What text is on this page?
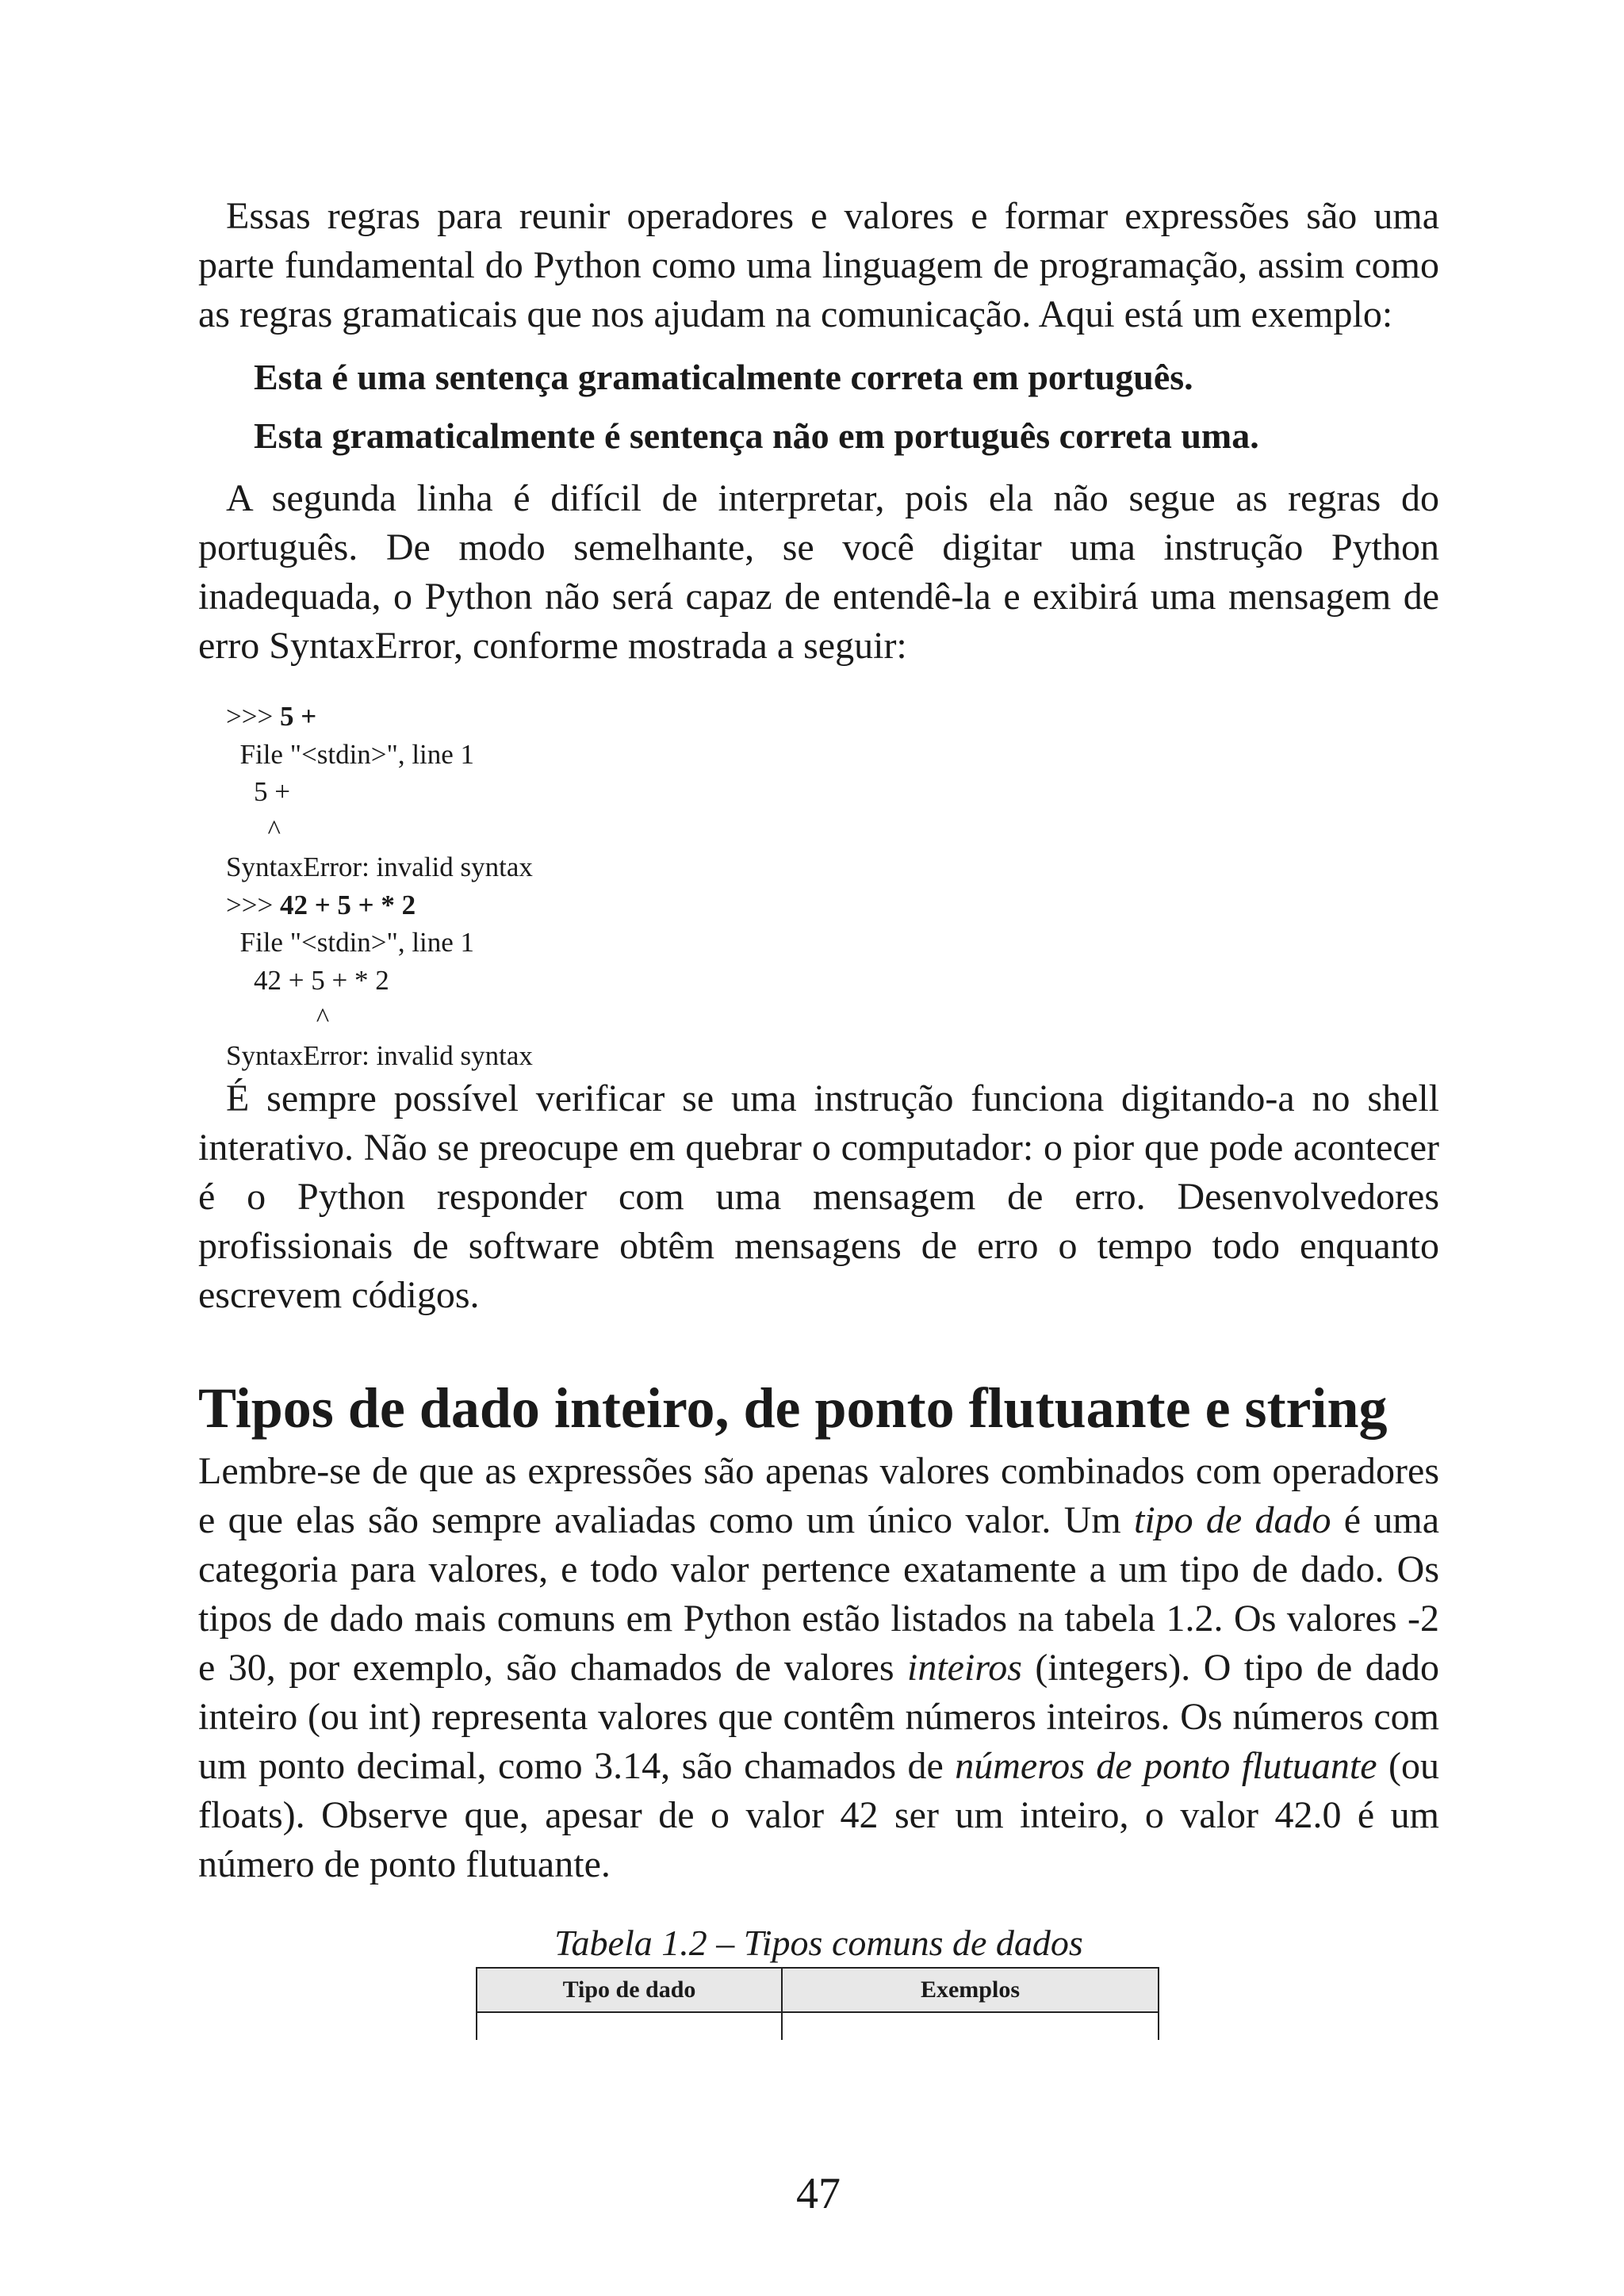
Essas regras para reunir operadores e valores e formar expressões são uma parte fundamental do Python como uma linguagem de programação, assim como as regras gramaticais que nos ajudam na comunicação. Aqui está um exemplo:

Esta é uma sentença gramaticalmente correta em português.
Esta gramaticalmente é sentença não em português correta uma.

A segunda linha é difícil de interpretar, pois ela não segue as regras do português. De modo semelhante, se você digitar uma instrução Python inadequada, o Python não será capaz de entendê-la e exibirá uma mensagem de erro SyntaxError, conforme mostrada a seguir:

>>> 5 +
File "<stdin>", line 1
5 +
^
SyntaxError: invalid syntax
>>> 42 + 5 + * 2
File "<stdin>", line 1
42 + 5 + * 2
^
SyntaxError: invalid syntax

É sempre possível verificar se uma instrução funciona digitando-a no shell interativo. Não se preocupe em quebrar o computador: o pior que pode acontecer é o Python responder com uma mensagem de erro. Desenvolvedores profissionais de software obtêm mensagens de erro o tempo todo enquanto escrevem códigos.

Tipos de dado inteiro, de ponto flutuante e string

Lembre-se de que as expressões são apenas valores combinados com operadores e que elas são sempre avaliadas como um único valor. Um tipo de dado é uma categoria para valores, e todo valor pertence exatamente a um tipo de dado. Os tipos de dado mais comuns em Python estão listados na tabela 1.2. Os valores -2 e 30, por exemplo, são chamados de valores inteiros (integers). O tipo de dado inteiro (ou int) representa valores que contêm números inteiros. Os números com um ponto decimal, como 3.14, são chamados de números de ponto flutuante (ou floats). Observe que, apesar de o valor 42 ser um inteiro, o valor 42.0 é um número de ponto flutuante.

Tabela 1.2 – Tipos comuns de dados
Tipo de dado	Exemplos

47
